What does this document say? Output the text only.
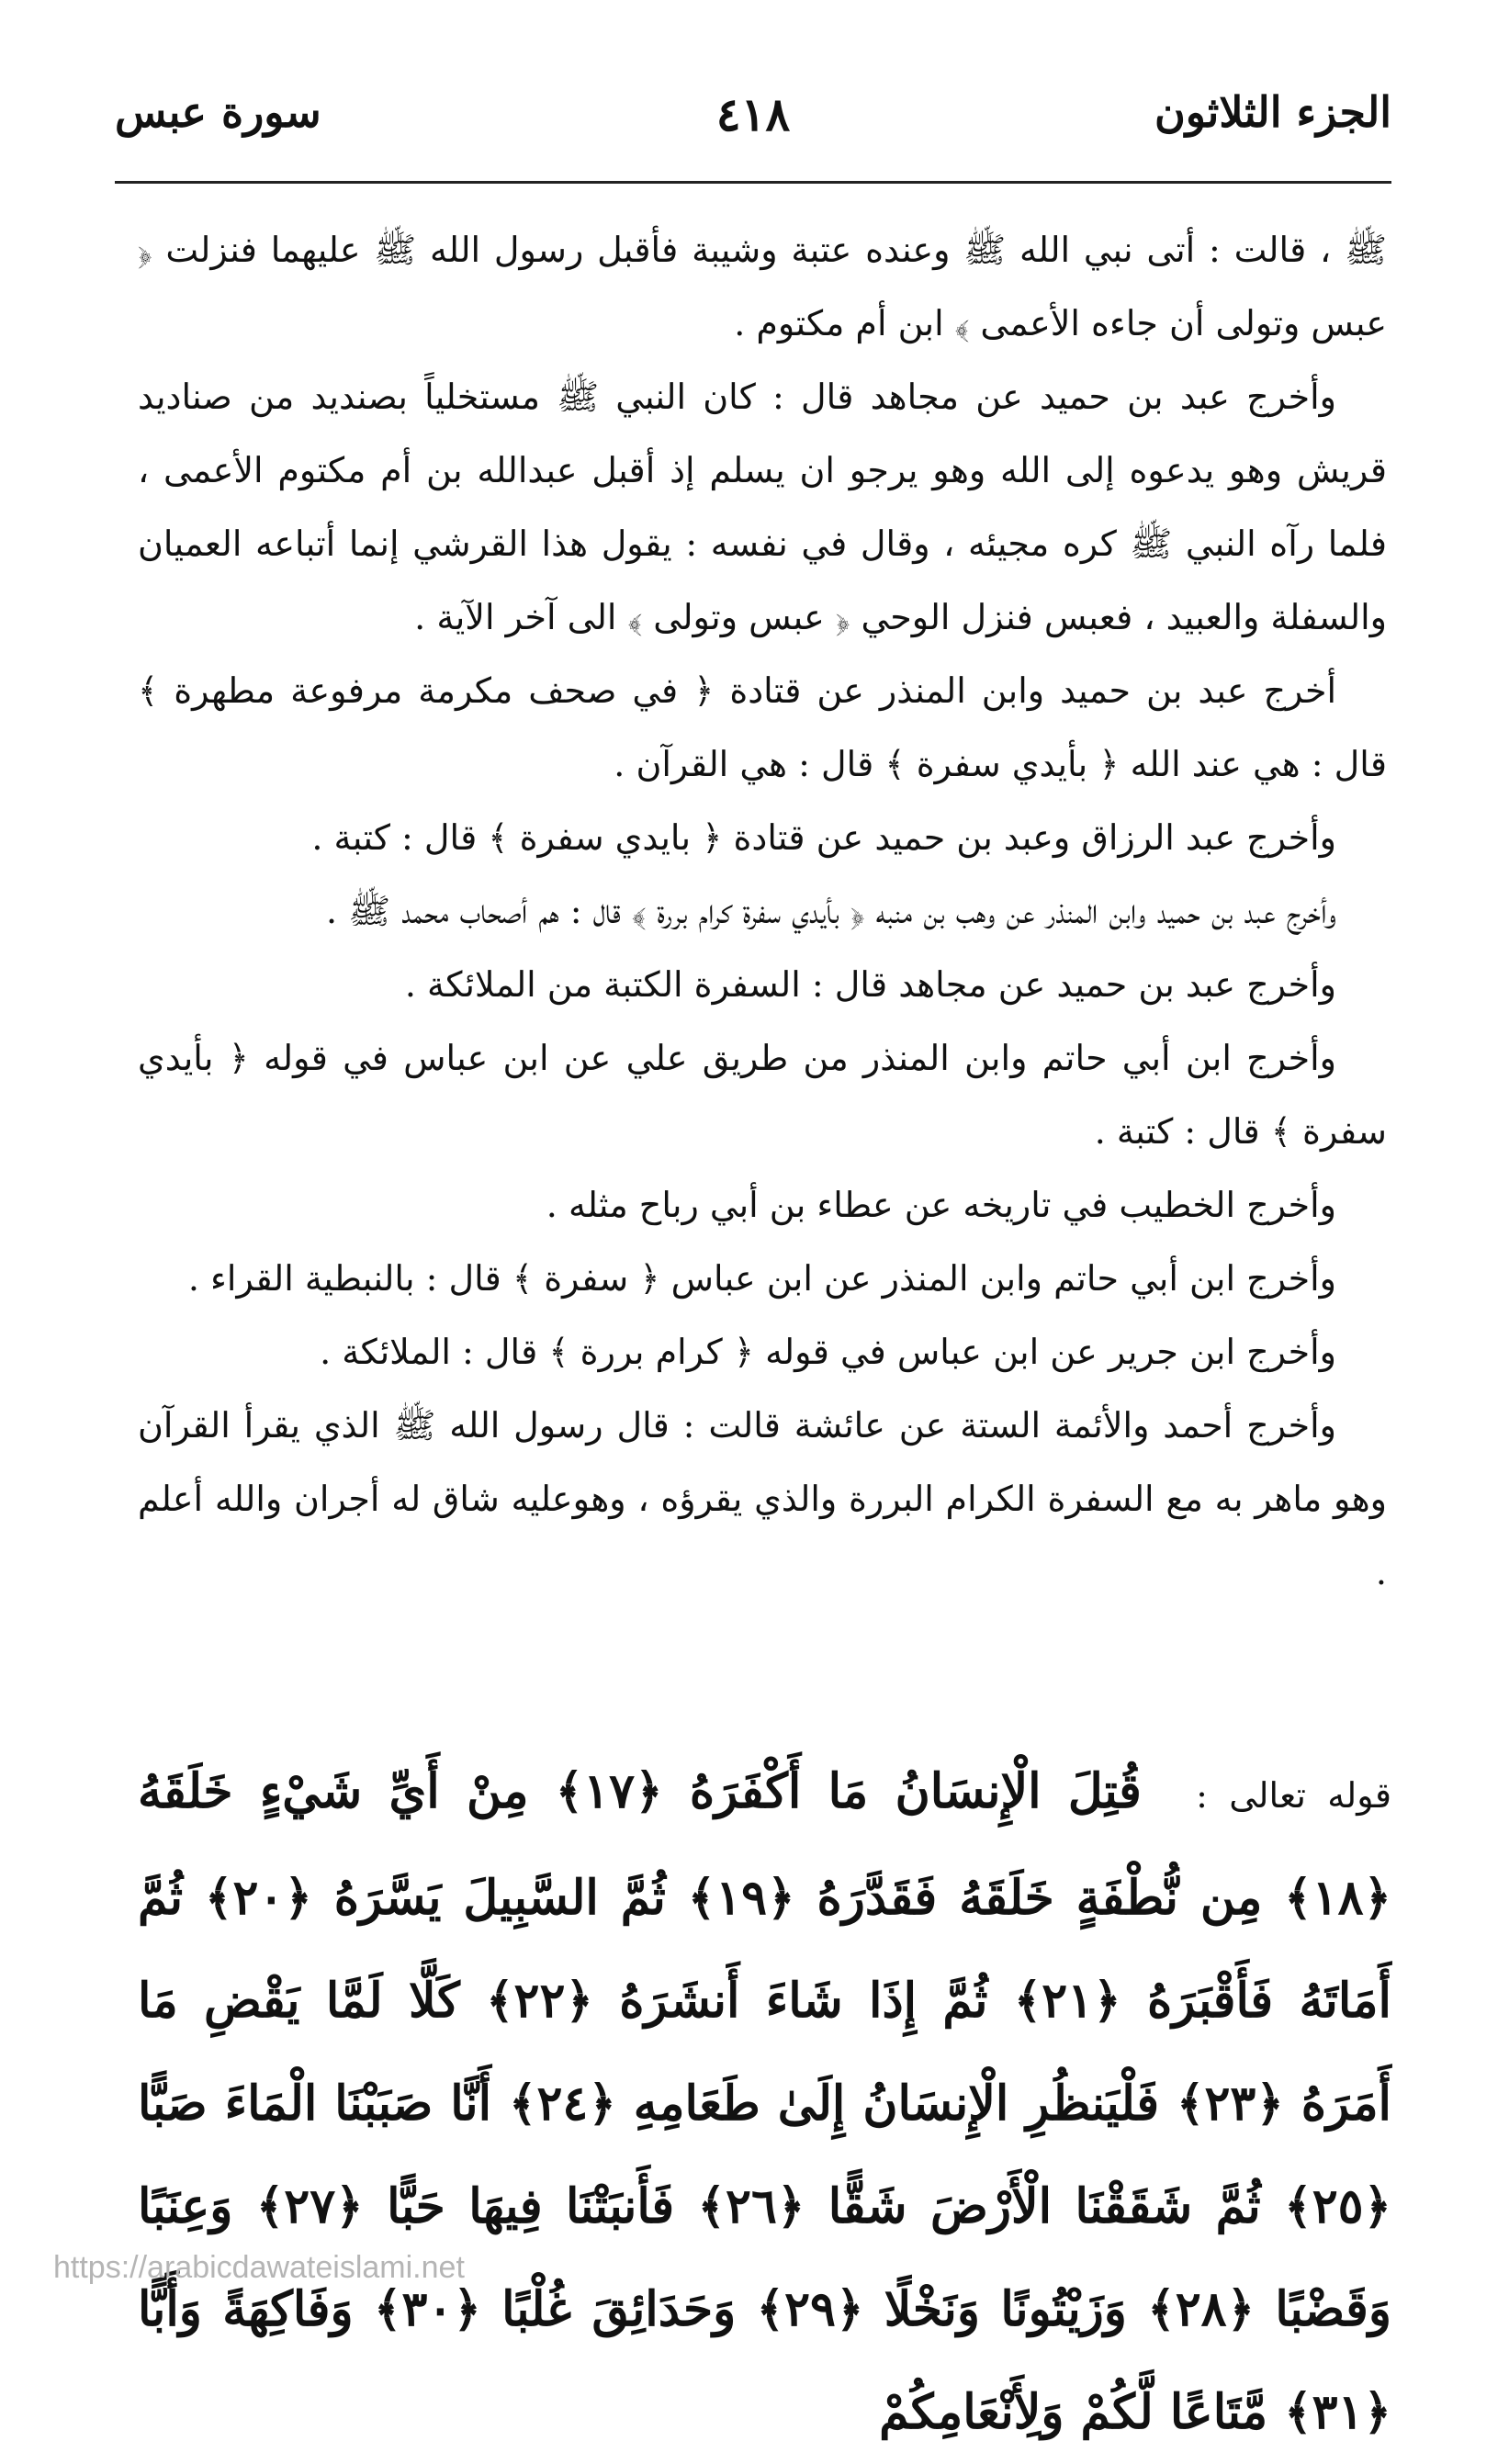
الجزء الثلاثون
٤١٨
سورة عبس

ﷺ ، قالت : أتى نبي الله ﷺ وعنده عتبة وشيبة فأقبل رسول الله ﷺ عليهما فنزلت ﴿ عبس وتولى أن جاءه الأعمى ﴾ ابن أم مكتوم .

وأخرج عبد بن حميد عن مجاهد قال : كان النبي ﷺ مستخلياً بصنديد من صناديد قريش وهو يدعوه إلى الله وهو يرجو ان يسلم إذ أقبل عبدالله بن أم مكتوم الأعمى ، فلما رآه النبي ﷺ كره مجيئه ، وقال في نفسه : يقول هذا القرشي إنما أتباعه العميان والسفلة والعبيد ، فعبس فنزل الوحي ﴿ عبس وتولى ﴾ الى آخر الآية .

أخرج عبد بن حميد وابن المنذر عن قتادة ﴿ في صحف مكرمة مرفوعة مطهرة ﴾ قال : هي عند الله ﴿ بأيدي سفرة ﴾ قال : هي القرآن .

وأخرج عبد الرزاق وعبد بن حميد عن قتادة ﴿ بايدي سفرة ﴾ قال : كتبة .

وأخرج عبد بن حميد وابن المنذر عن وهب بن منبه ﴿ بأيدي سفرة كرام بررة ﴾ قال : هم أصحاب محمد ﷺ .

وأخرج عبد بن حميد عن مجاهد قال : السفرة الكتبة من الملائكة .

وأخرج ابن أبي حاتم وابن المنذر من طريق علي عن ابن عباس في قوله ﴿ بأيدي سفرة ﴾ قال : كتبة .

وأخرج الخطيب في تاريخه عن عطاء بن أبي رباح مثله .

وأخرج ابن أبي حاتم وابن المنذر عن ابن عباس ﴿ سفرة ﴾ قال : بالنبطية القراء .

وأخرج ابن جرير عن ابن عباس في قوله ﴿ كرام بررة ﴾ قال : الملائكة .

وأخرج أحمد والأئمة الستة عن عائشة قالت : قال رسول الله ﷺ الذي يقرأ القرآن وهو ماهر به مع السفرة الكرام البررة والذي يقرؤه ، وهوعليه شاق له أجران والله أعلم .

قوله تعالى : قُتِلَ الْإِنسَانُ مَا أَكْفَرَهُ ﴿١٧﴾ مِنْ أَيِّ شَيْءٍ خَلَقَهُ ﴿١٨﴾ مِن نُّطْفَةٍ خَلَقَهُ فَقَدَّرَهُ ﴿١٩﴾ ثُمَّ السَّبِيلَ يَسَّرَهُ ﴿٢٠﴾ ثُمَّ أَمَاتَهُ فَأَقْبَرَهُ ﴿٢١﴾ ثُمَّ إِذَا شَاءَ أَنشَرَهُ ﴿٢٢﴾ كَلَّا لَمَّا يَقْضِ مَا أَمَرَهُ ﴿٢٣﴾ فَلْيَنظُرِ الْإِنسَانُ إِلَىٰ طَعَامِهِ ﴿٢٤﴾ أَنَّا صَبَبْنَا الْمَاءَ صَبًّا ﴿٢٥﴾ ثُمَّ شَقَقْنَا الْأَرْضَ شَقًّا ﴿٢٦﴾ فَأَنبَتْنَا فِيهَا حَبًّا ﴿٢٧﴾ وَعِنَبًا وَقَضْبًا ﴿٢٨﴾ وَزَيْتُونًا وَنَخْلًا ﴿٢٩﴾ وَحَدَائِقَ غُلْبًا ﴿٣٠﴾ وَفَاكِهَةً وَأَبًّا ﴿٣١﴾ مَّتَاعًا لَّكُمْ وَلِأَنْعَامِكُمْ
https://arabicdawateislami.net
